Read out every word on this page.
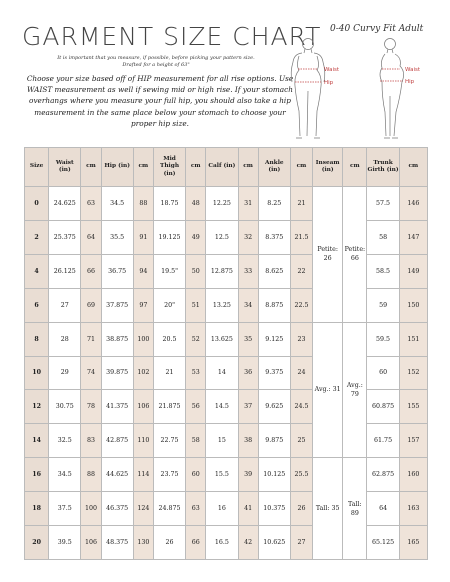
GARMENT SIZE CHART 0-40 Curvy Fit Adult
It is important that you measure, if possible, before picking your pattern size.
Drafted for a height of 63"
Choose your size based off of HIP measurement for all rise options. Use WAIST measurement as well if sewing mid or high rise. If your stomach overhangs where you measure your full hip, you should also take a hip measurement in the same place below your stomach to choose your proper hip size.
Waist
Hip
Waist
Hip
Size	Waist (in)	cm	Hip (in)	cm	Mid Thigh (in)	cm	Calf (in)	cm	Ankle (in)	cm	Inseam (in)	cm	Trunk Girth (in)	cm
0	24.625	63	34.5	88	18.75	48	12.25	31	8.25	21	Petite: 26	Petite: 66	57.5	146
2	25.375	64	35.5	91	19.125	49	12.5	32	8.375	21.5			58	147
4	26.125	66	36.75	94	19.5"	50	12.875	33	8.625	22			58.5	149
6	27	69	37.875	97	20"	51	13.25	34	8.875	22.5			59	150
8	28	71	38.875	100	20.5	52	13.625	35	9.125	23	Avg.: 31	Avg.: 79	59.5	151
10	29	74	39.875	102	21	53	14	36	9.375	24			60	152
12	30.75	78	41.375	106	21.875	56	14.5	37	9.625	24.5			60.875	155
14	32.5	83	42.875	110	22.75	58	15	38	9.875	25			61.75	157
16	34.5	88	44.625	114	23.75	60	15.5	39	10.125	25.5	Tall: 35	Tall: 89	62.875	160
18	37.5	100	46.375	124	24.875	63	16	41	10.375	26			64	163
20	39.5	106	48.375	130	26	66	16.5	42	10.625	27			65.125	165
